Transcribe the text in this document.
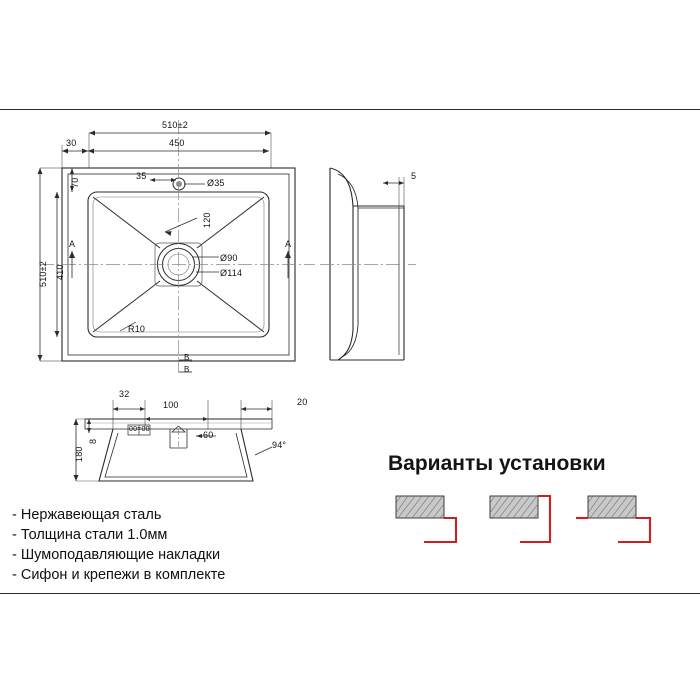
510±2
450
30
70
35
Ø35
510±2 410
120
Ø90
Ø114
R10
A	A
B
B
5
32
100	20
180
8
60
94°
00=00
- Нержавеющая сталь
- Толщина стали 1.0мм
- Шумоподавляющие накладки
- Сифон и крепежи в комплекте
Варианты установки
